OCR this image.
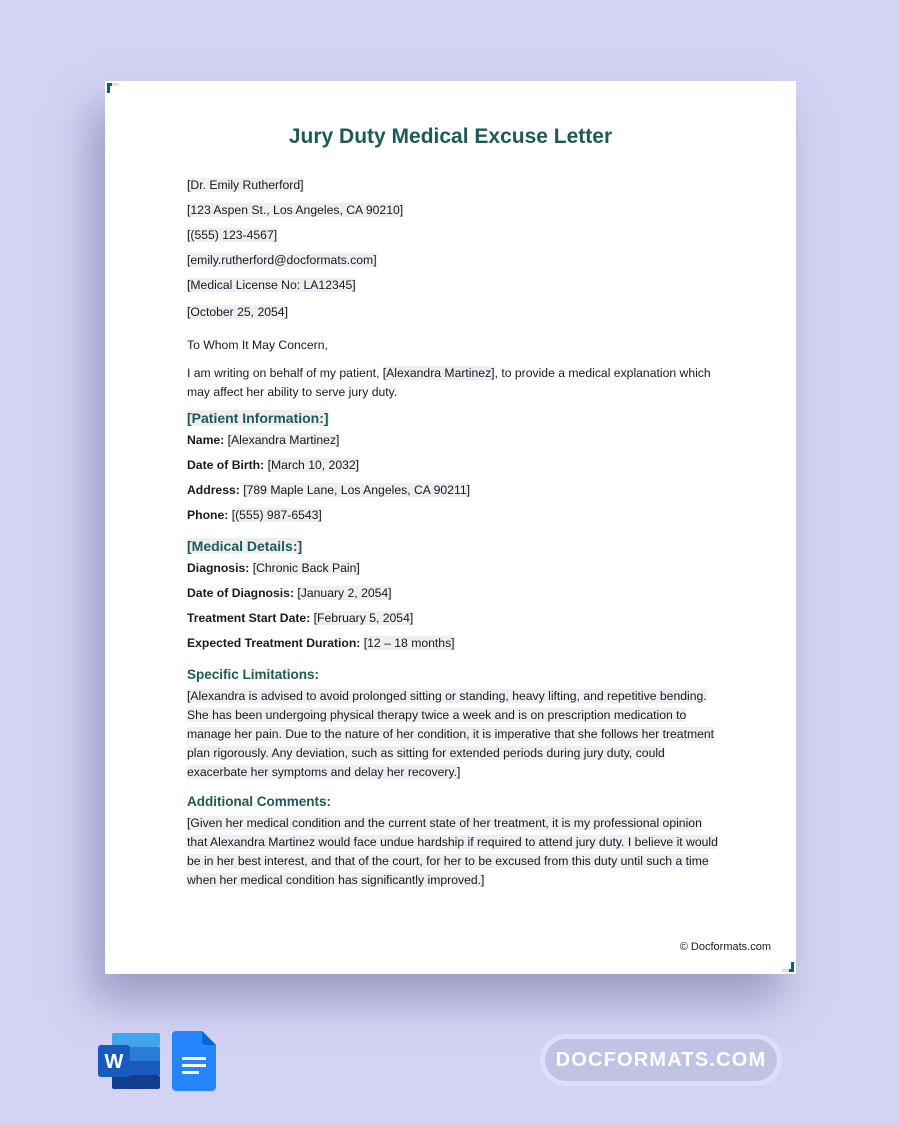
Jury Duty Medical Excuse Letter
[Dr. Emily Rutherford]
[123 Aspen St., Los Angeles, CA 90210]
[(555) 123-4567]
[emily.rutherford@docformats.com]
[Medical License No: LA12345]
[October 25, 2054]
To Whom It May Concern,
I am writing on behalf of my patient, [Alexandra Martinez], to provide a medical explanation which may affect her ability to serve jury duty.
[Patient Information:]
Name: [Alexandra Martinez]
Date of Birth: [March 10, 2032]
Address: [789 Maple Lane, Los Angeles, CA 90211]
Phone: [(555) 987-6543]
[Medical Details:]
Diagnosis: [Chronic Back Pain]
Date of Diagnosis: [January 2, 2054]
Treatment Start Date: [February 5, 2054]
Expected Treatment Duration: [12 – 18 months]
Specific Limitations:
[Alexandra is advised to avoid prolonged sitting or standing, heavy lifting, and repetitive bending. She has been undergoing physical therapy twice a week and is on prescription medication to manage her pain. Due to the nature of her condition, it is imperative that she follows her treatment plan rigorously. Any deviation, such as sitting for extended periods during jury duty, could exacerbate her symptoms and delay her recovery.]
Additional Comments:
[Given her medical condition and the current state of her treatment, it is my professional opinion that Alexandra Martinez would face undue hardship if required to attend jury duty. I believe it would be in her best interest, and that of the court, for her to be excused from this duty until such a time when her medical condition has significantly improved.]
© Docformats.com
W	DOCFORMATS.COM
